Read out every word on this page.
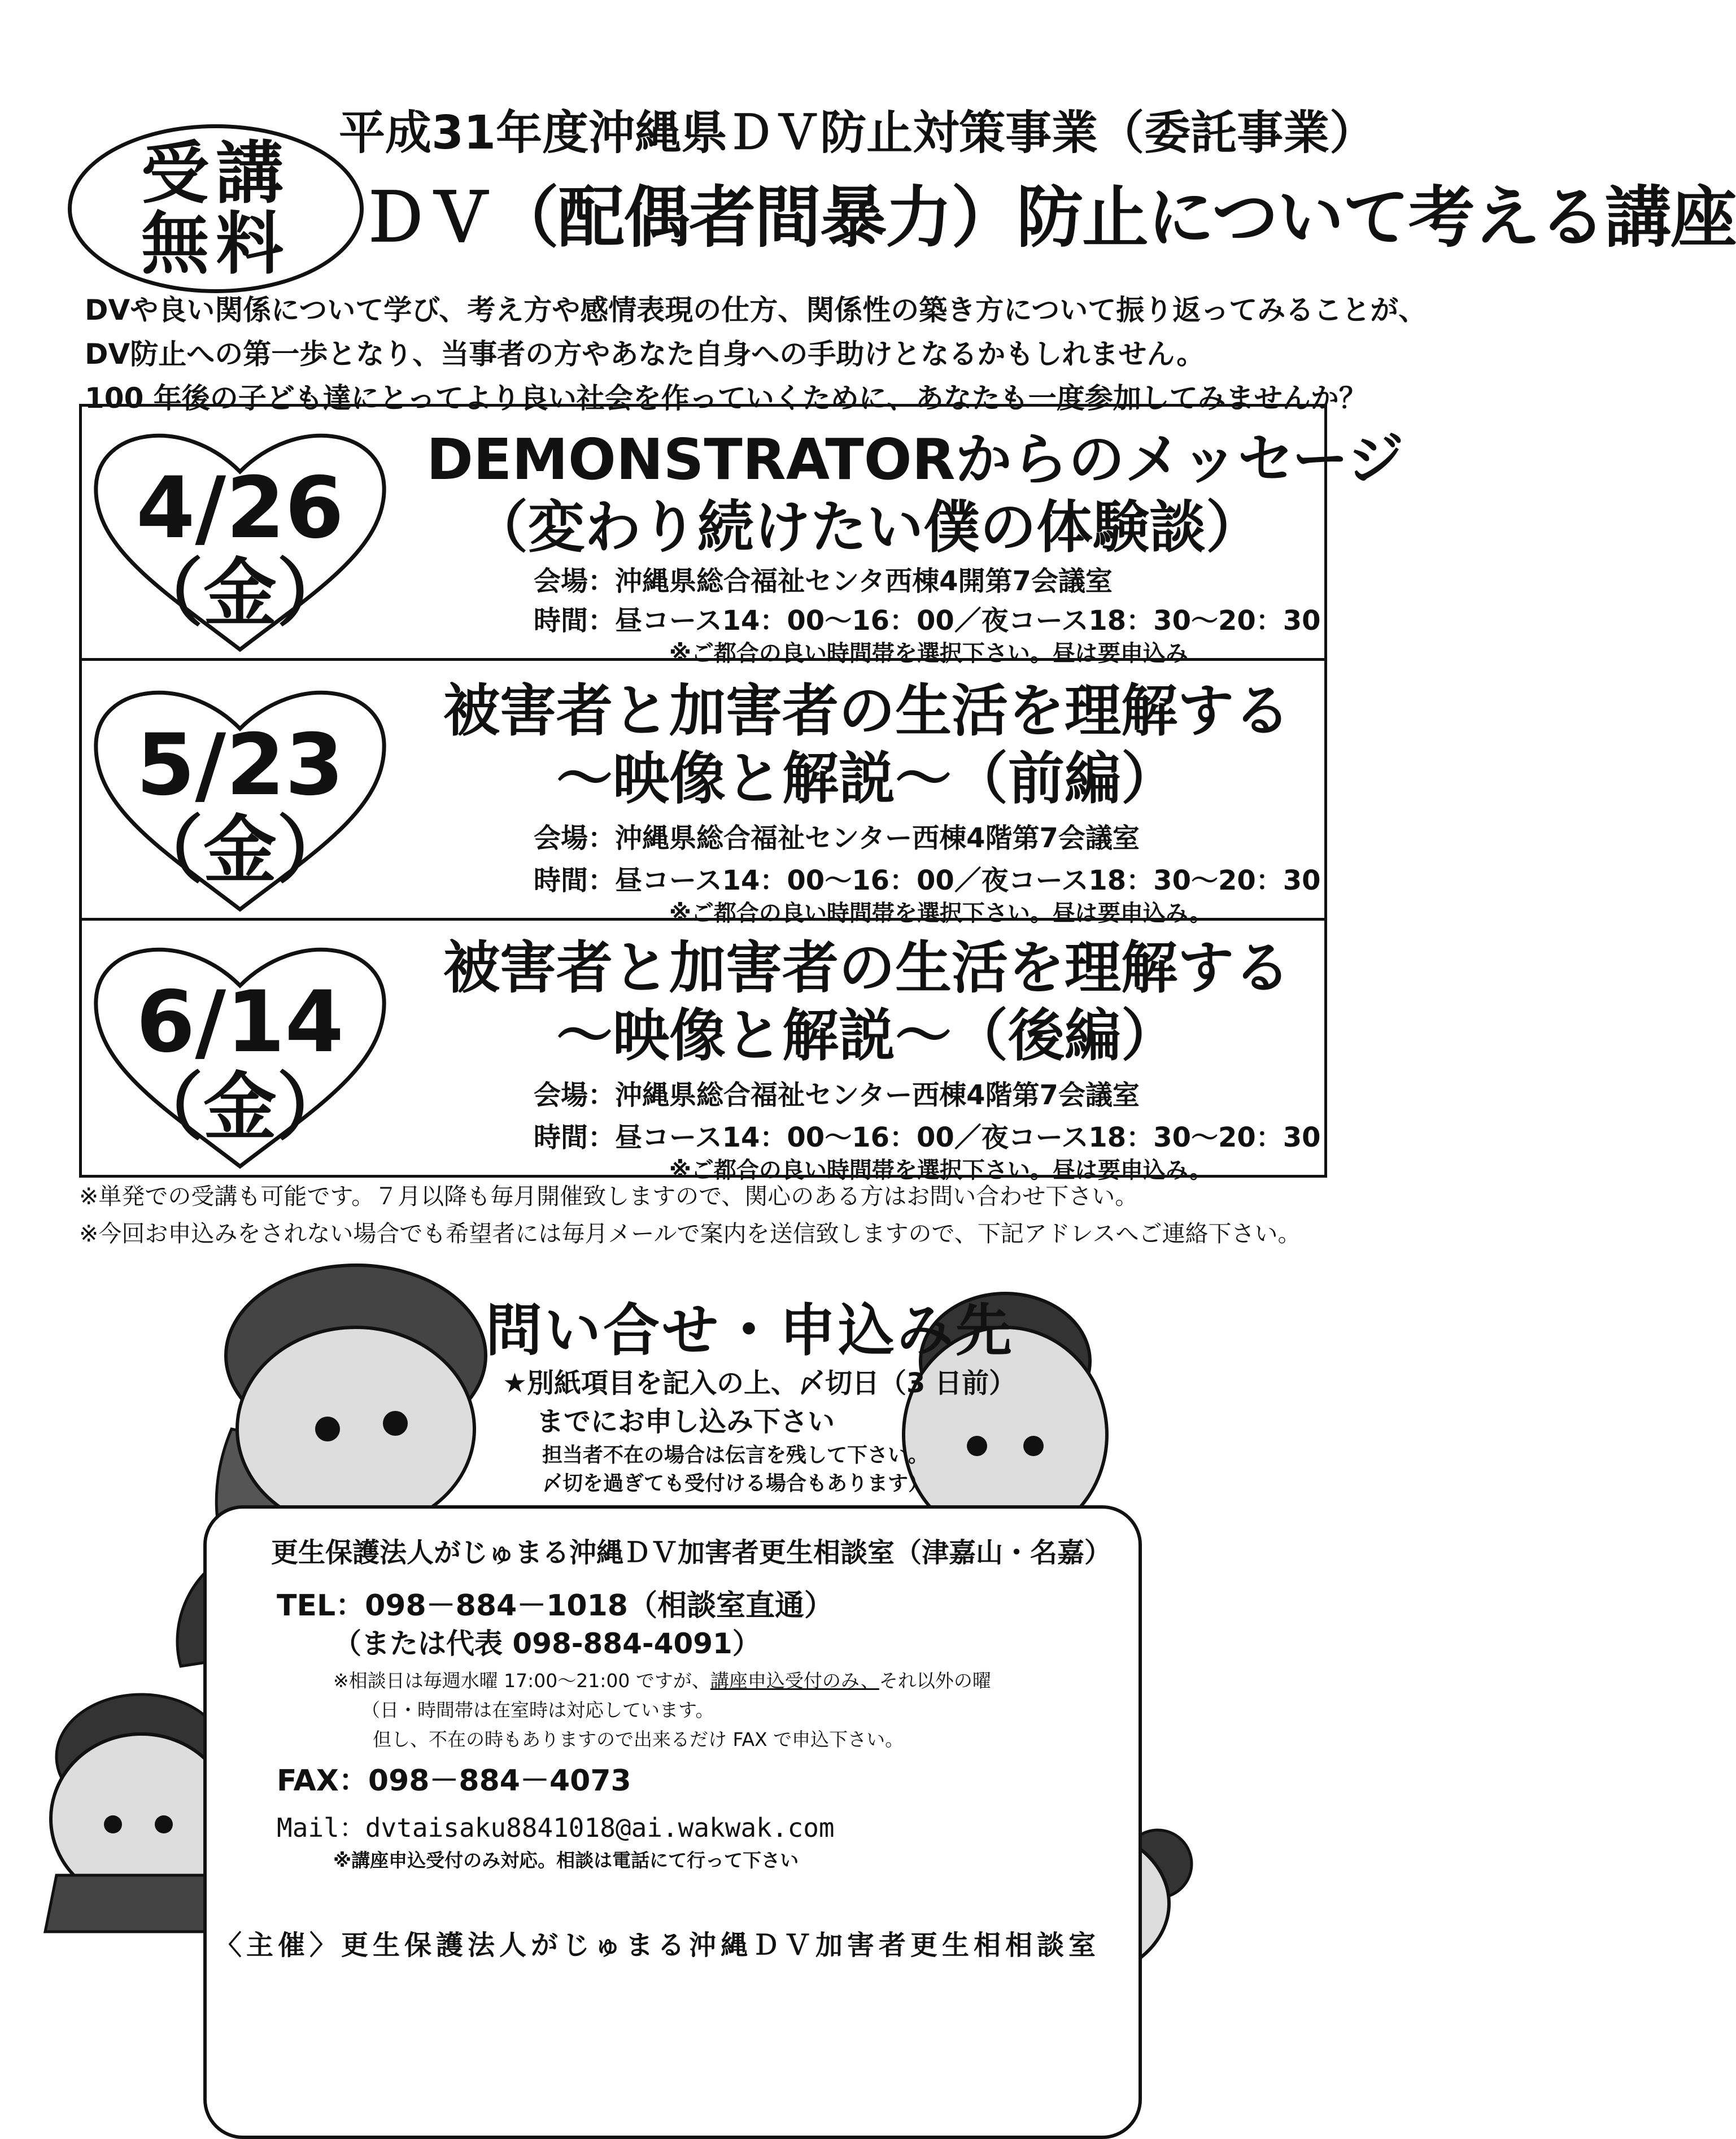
受講
無料
平成31年度沖縄県ＤＶ防止対策事業（委託事業）
ＤＶ（配偶者間暴力）防止について考える講座
DVや良い関係について学び、考え方や感情表現の仕方、関係性の築き方について振り返ってみることが、
DV防止への第一歩となり、当事者の方やあなた自身への手助けとなるかもしれません。
100 年後の子ども達にとってより良い社会を作っていくために、あなたも一度参加してみませんか？
4/26
（金）
DEMONSTRATORからのメッセージ
（変わり続けたい僕の体験談）
会場：沖縄県総合福祉センタ西棟4開第7会議室
時間：昼コース14：00～16：00／夜コース18：30～20：30
※ご都合の良い時間帯を選択下さい。昼は要申込み
5/23
（金）
被害者と加害者の生活を理解する
～映像と解説～（前編）
会場：沖縄県総合福祉センター西棟4階第7会議室
時間：昼コース14：00～16：00／夜コース18：30～20：30
※ご都合の良い時間帯を選択下さい。昼は要申込み。
6/14
（金）
被害者と加害者の生活を理解する
～映像と解説～（後編）
会場：沖縄県総合福祉センター西棟4階第7会議室
時間：昼コース14：00～16：00／夜コース18：30～20：30
※ご都合の良い時間帯を選択下さい。昼は要申込み。
※単発での受講も可能です。７月以降も毎月開催致しますので、関心のある方はお問い合わせ下さい。
※今回お申込みをされない場合でも希望者には毎月メールで案内を送信致しますので、下記アドレスへご連絡下さい。
問い合せ・申込み先
★別紙項目を記入の上、〆切日（3 日前）
までにお申し込み下さい
担当者不在の場合は伝言を残して下さい。
〆切を過ぎても受付ける場合もあります）
更生保護法人がじゅまる沖縄ＤＶ加害者更生相談室（津嘉山・名嘉）
TEL：098－884－1018（相談室直通）
（または代表 098-884-4091）
※相談日は毎週水曜 17:00～21:00 ですが、講座申込受付のみ、それ以外の曜
（日・時間帯は在室時は対応しています。
但し、不在の時もありますので出来るだけ FAX で申込下さい。
FAX：098－884－4073
Mail：dvtaisaku8841018@ai.wakwak.com
※講座申込受付のみ対応。相談は電話にて行って下さい
〈主催〉更生保護法人がじゅまる沖縄ＤＶ加害者更生相相談室
